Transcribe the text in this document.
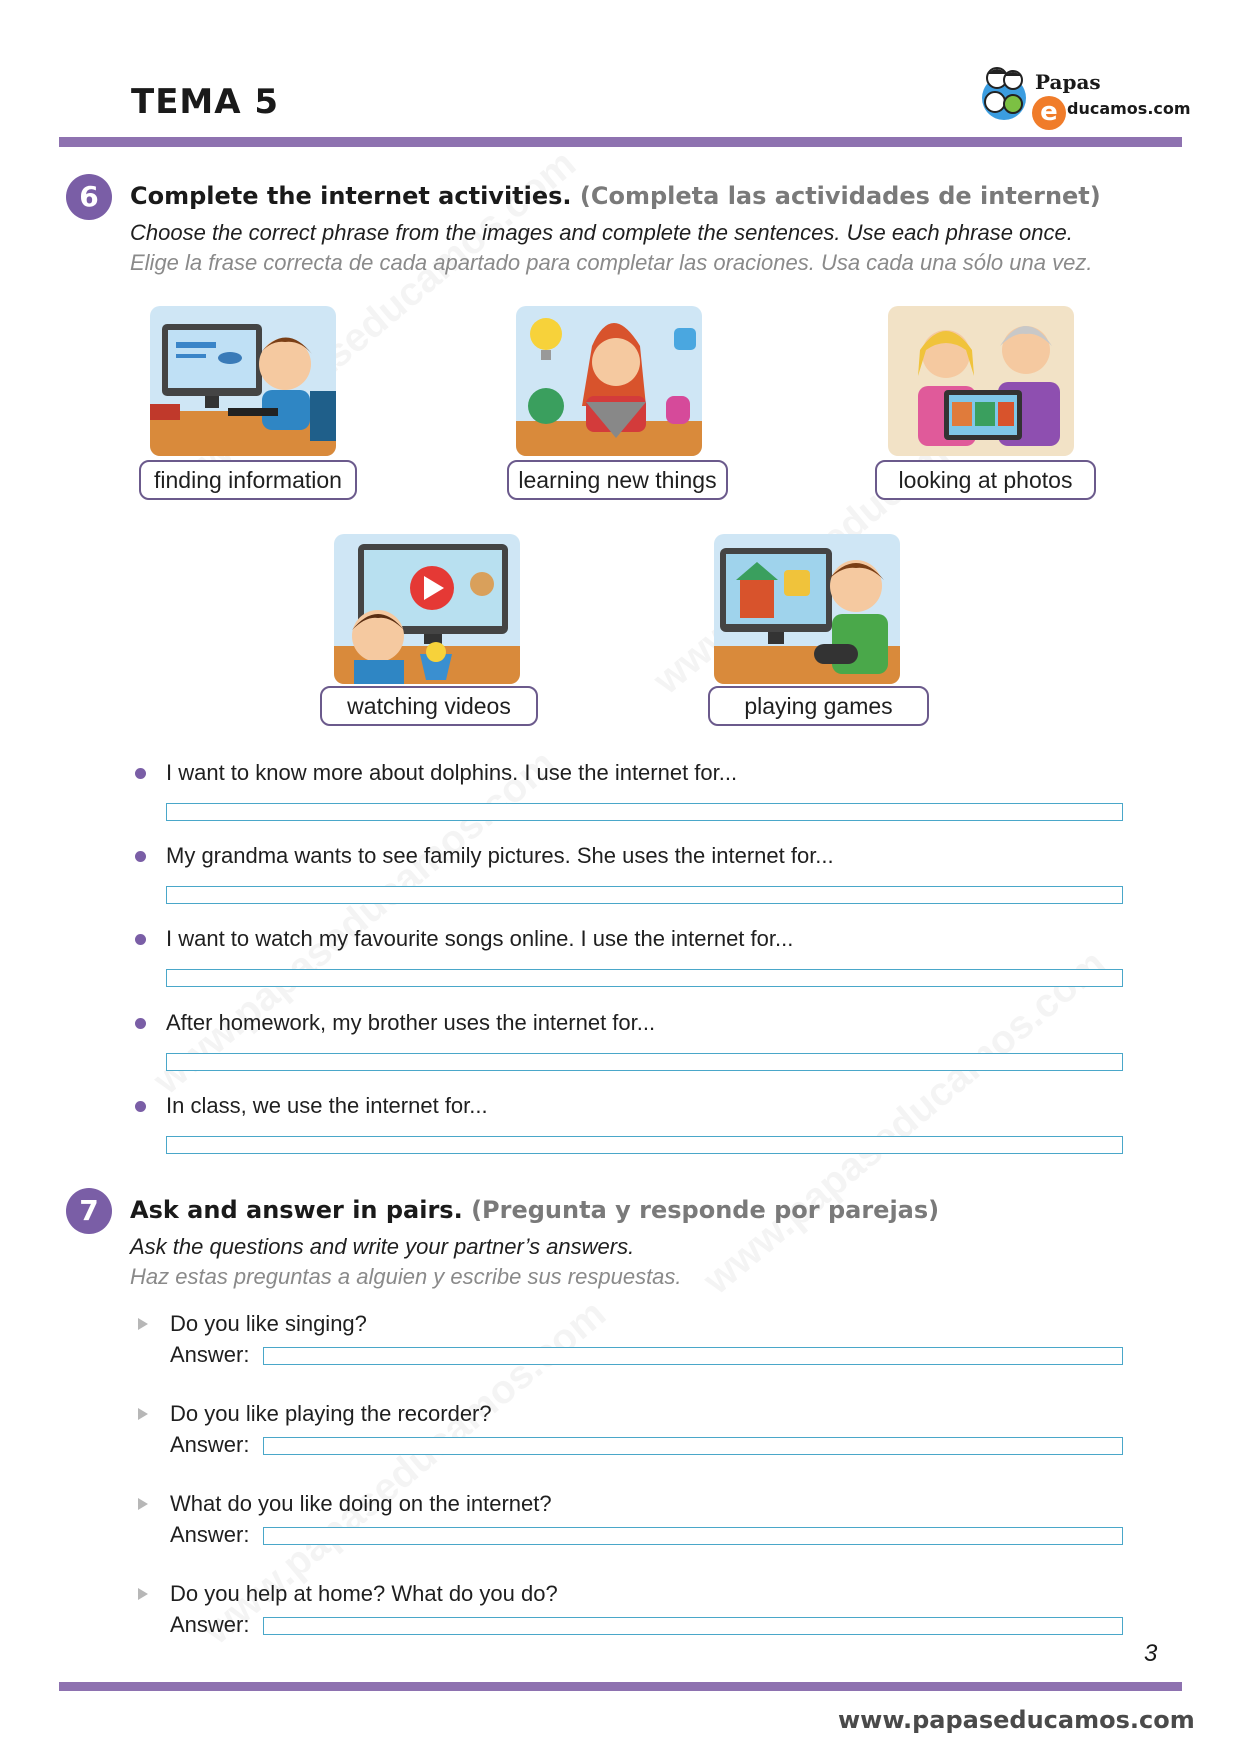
TEMA 5	Papas
e ducamos.com
6	Complete the internet activities. (Completa las actividades de internet)
Choose the correct phrase from the images and complete the sentences. Use each phrase once.
Elige la frase correcta de cada apartado para completar las oraciones. Usa cada una sólo una vez.
finding information	learning new things	looking at photos
watching videos	playing games
I want to know more about dolphins. I use the internet for...
My grandma wants to see family pictures. She uses the internet for...
I want to watch my favourite songs online. I use the internet for...
After homework, my brother uses the internet for...
In class, we use the internet for...
7	Ask and answer in pairs. (Pregunta y responde por parejas)
Ask the questions and write your partner’s answers.
Haz estas preguntas a alguien y escribe sus respuestas.
Do you like singing?
Answer:
Do you like playing the recorder?
Answer:
What do you like doing on the internet?
Answer:
Do you help at home? What do you do?
Answer:
3
www.papaseducamos.com
